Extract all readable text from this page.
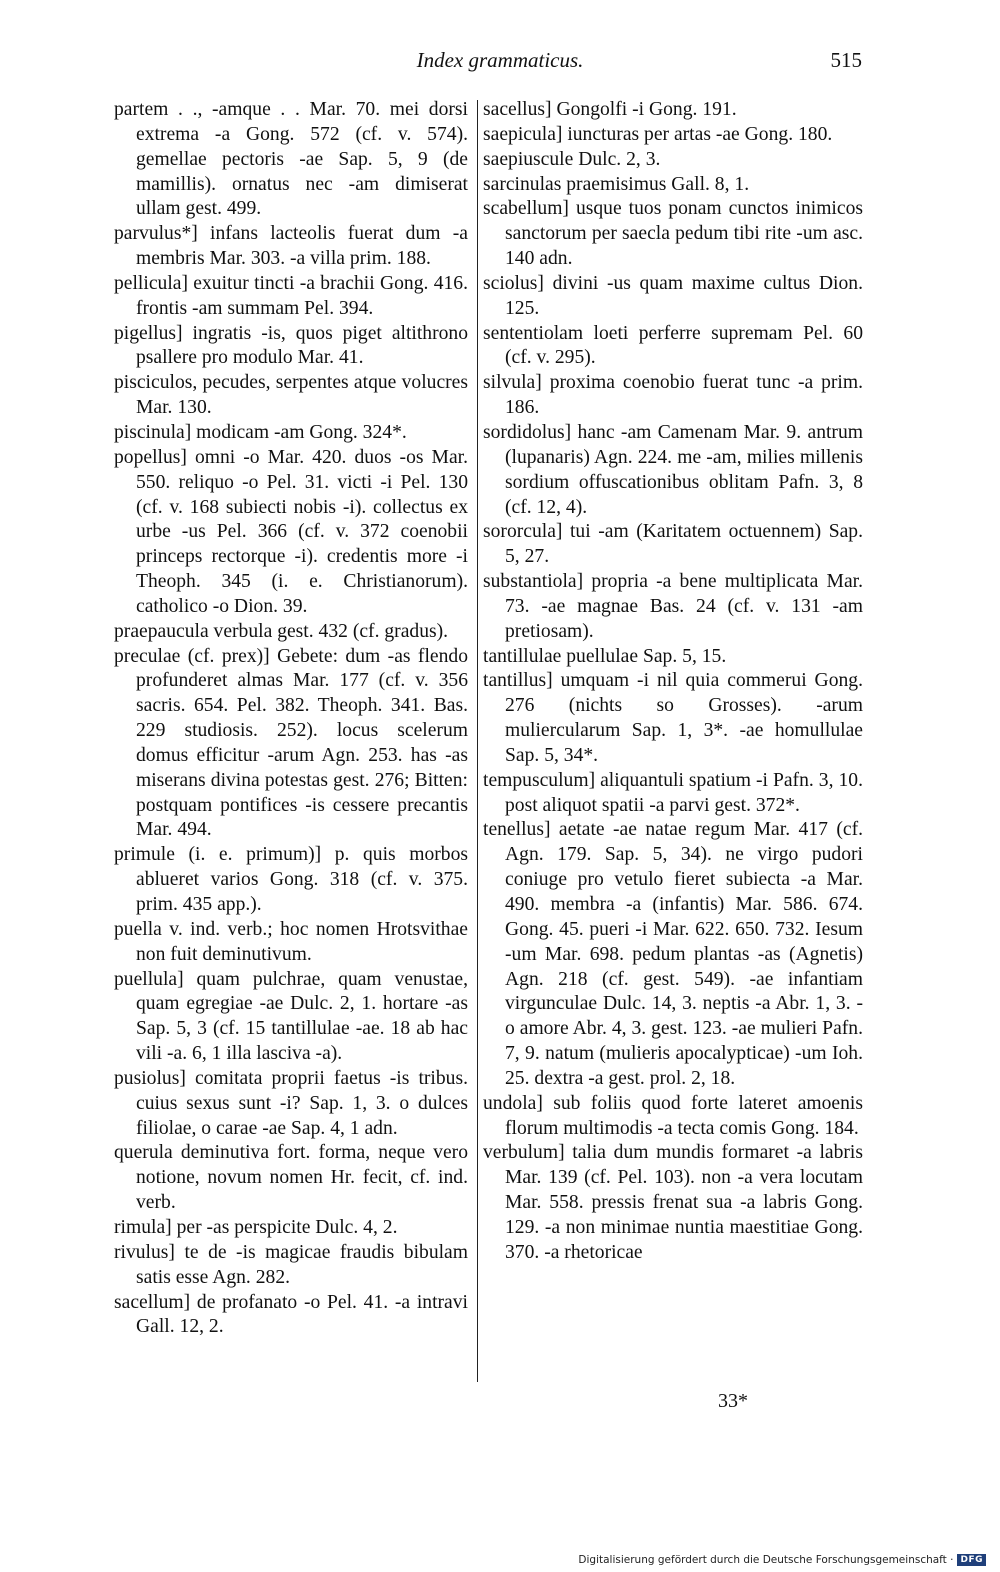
Index grammaticus.	515

partem . ., -amque . . Mar. 70. mei dorsi extrema -a Gong. 572 (cf. v. 574). gemellae pectoris -ae Sap. 5, 9 (de mamillis). ornatus nec -am dimiserat ullam gest. 499.

parvulus*] infans lacteolis fuerat dum -a membris Mar. 303. -a villa prim. 188.

pellicula] exuitur tincti -a brachii Gong. 416. frontis -am summam Pel. 394.

pigellus] ingratis -is, quos piget altithrono psallere pro modulo Mar. 41.

pisciculos, pecudes, serpentes atque volucres Mar. 130.

piscinula] modicam -am Gong. 324*.

popellus] omni -o Mar. 420. duos -os Mar. 550. reliquo -o Pel. 31. victi -i Pel. 130 (cf. v. 168 subiecti nobis -i). collectus ex urbe -us Pel. 366 (cf. v. 372 coenobii princeps rectorque -i). credentis more -i Theoph. 345 (i. e. Christianorum). catholico -o Dion. 39.

praepaucula verbula gest. 432 (cf. gradus).

preculae (cf. prex)] Gebete: dum -as flendo profunderet almas Mar. 177 (cf. v. 356 sacris. 654. Pel. 382. Theoph. 341. Bas. 229 studiosis. 252). locus scelerum domus efficitur -arum Agn. 253. has -as miserans divina potestas gest. 276; Bitten: postquam pontifices -is cessere precantis Mar. 494.

primule (i. e. primum)] p. quis morbos ablueret varios Gong. 318 (cf. v. 375. prim. 435 app.).

puella v. ind. verb.; hoc nomen Hrotsvithae non fuit deminutivum.

puellula] quam pulchrae, quam venustae, quam egregiae -ae Dulc. 2, 1. hortare -as Sap. 5, 3 (cf. 15 tantillulae -ae. 18 ab hac vili -a. 6, 1 illa lasciva -a).

pusiolus] comitata proprii faetus -is tribus. cuius sexus sunt -i? Sap. 1, 3. o dulces filiolae, o carae -ae Sap. 4, 1 adn.

querula deminutiva fort. forma, neque vero notione, novum nomen Hr. fecit, cf. ind. verb.

rimula] per -as perspicite Dulc. 4, 2.

rivulus] te de -is magicae fraudis bibulam satis esse Agn. 282.

sacellum] de profanato -o Pel. 41. -a intravi Gall. 12, 2.

sacellus] Gongolfi -i Gong. 191.

saepicula] iuncturas per artas -ae Gong. 180.

saepiuscule Dulc. 2, 3.

sarcinulas praemisimus Gall. 8, 1.

scabellum] usque tuos ponam cunctos inimicos sanctorum per saecla pedum tibi rite -um asc. 140 adn.

sciolus] divini -us quam maxime cultus Dion. 125.

sententiolam loeti perferre supremam Pel. 60 (cf. v. 295).

silvula] proxima coenobio fuerat tunc -a prim. 186.

sordidolus] hanc -am Camenam Mar. 9. antrum (lupanaris) Agn. 224. me -am, milies millenis sordium offuscationibus oblitam Pafn. 3, 8 (cf. 12, 4).

sororcula] tui -am (Karitatem octuennem) Sap. 5, 27.

substantiola] propria -a bene multiplicata Mar. 73. -ae magnae Bas. 24 (cf. v. 131 -am pretiosam).

tantillulae puellulae Sap. 5, 15.

tantillus] umquam -i nil quia commerui Gong. 276 (nichts so Grosses). -arum muliercularum Sap. 1, 3*. -ae homullulae Sap. 5, 34*.

tempusculum] aliquantuli spatium -i Pafn. 3, 10. post aliquot spatii -a parvi gest. 372*.

tenellus] aetate -ae natae regum Mar. 417 (cf. Agn. 179. Sap. 5, 34). ne virgo pudori coniuge pro vetulo fieret subiecta -a Mar. 490. membra -a (infantis) Mar. 586. 674. Gong. 45. pueri -i Mar. 622. 650. 732. Iesum -um Mar. 698. pedum plantas -as (Agnetis) Agn. 218 (cf. gest. 549). -ae infantiam virgunculae Dulc. 14, 3. neptis -a Abr. 1, 3. -o amore Abr. 4, 3. gest. 123. -ae mulieri Pafn. 7, 9. natum (mulieris apocalypticae) -um Ioh. 25. dextra -a gest. prol. 2, 18.

undola] sub foliis quod forte lateret amoenis florum multimodis -a tecta comis Gong. 184.

verbulum] talia dum mundis formaret -a labris Mar. 139 (cf. Pel. 103). non -a vera locutam Mar. 558. pressis frenat sua -a labris Gong. 129. -a non minimae nuntia maestitiae Gong. 370. -a rhetoricae

33*
Digitalisierung gefördert durch die Deutsche Forschungsgemeinschaft · DFG
